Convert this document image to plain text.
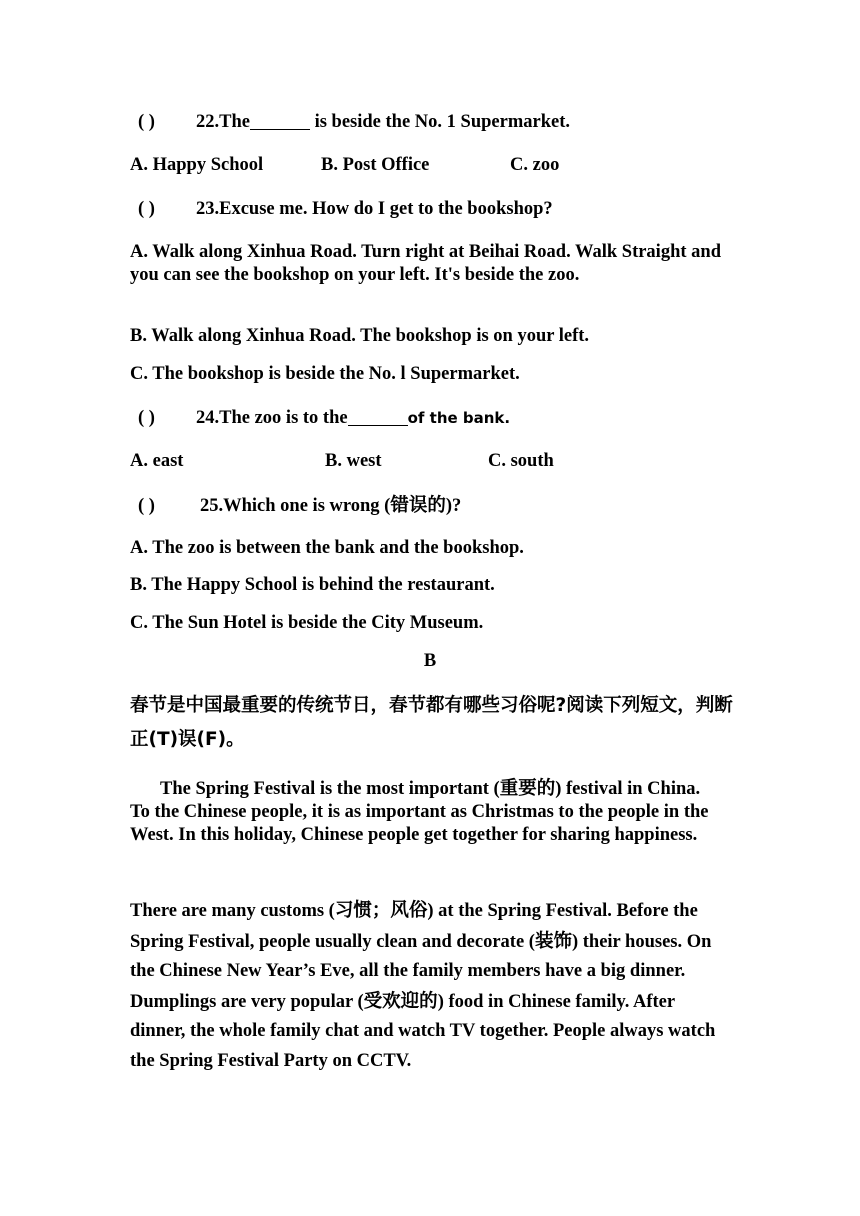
( ) 22.The	is beside the No. 1 Supermarket.
A. Happy School	B. Post Office	C. zoo
( ) 23.Excuse me. How do I get to the bookshop?
A. Walk along Xinhua Road. Turn right at Beihai Road. Walk Straight and you can see the bookshop on your left. It's beside the zoo.
B. Walk along Xinhua Road. The bookshop is on your left.
C. The bookshop is beside the No. l Supermarket.
( ) 24.The zoo is to the	of the bank.
A. east	B. west	C. south
( ) 25.Which one is wrong (错误的)?
A. The zoo is between the bank and the bookshop.
B. The Happy School is behind the restaurant.
C. The Sun Hotel is beside the City Museum.
B
春节是中国最重要的传统节日，春节都有哪些习俗呢?阅读下列短文，判断正(T)误(F)。
The Spring Festival is the most important (重要的) festival in China. To the Chinese people, it is as important as Christmas to the people in the West. In this holiday, Chinese people get together for sharing happiness.
There are many customs (习惯；风俗) at the Spring Festival. Before the Spring Festival, people usually clean and decorate (装饰) their houses. On the Chinese New Year’s Eve, all the family members have a big dinner. Dumplings are very popular (受欢迎的) food in Chinese family. After dinner, the whole family chat and watch TV together. People always watch the Spring Festival Party on CCTV.
